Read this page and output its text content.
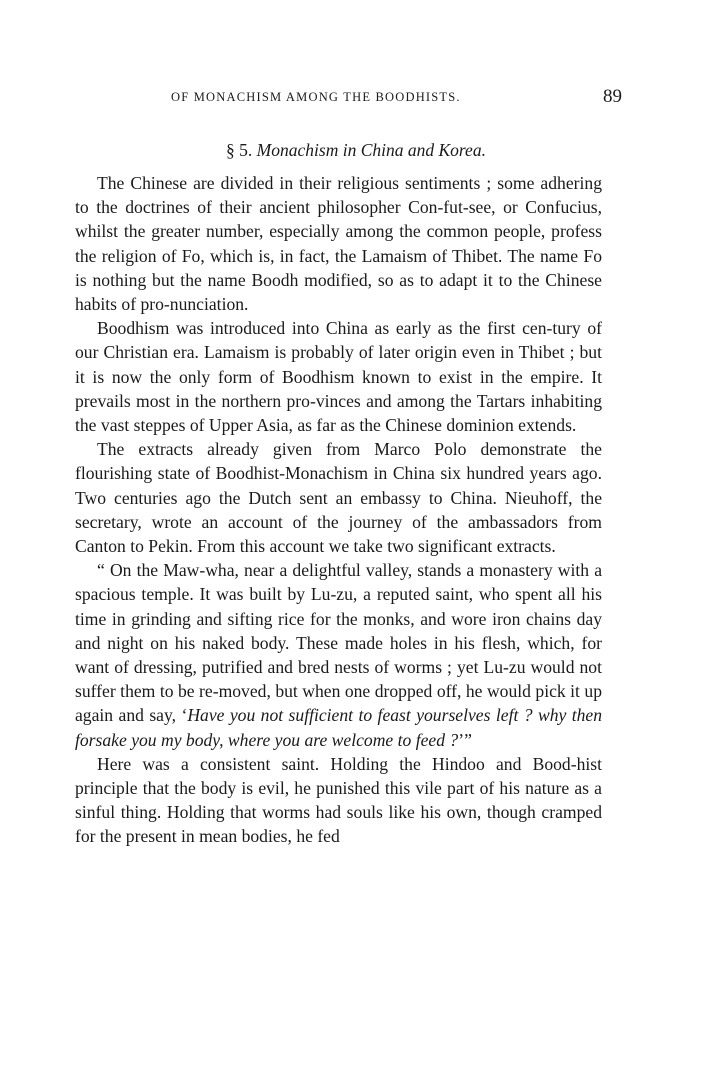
OF MONACHISM AMONG THE BOODHISTS.	89
§ 5. Monachism in China and Korea.

The Chinese are divided in their religious sentiments ; some adhering to the doctrines of their ancient philosopher Con-fut-see, or Confucius, whilst the greater number, especially among the common people, profess the religion of Fo, which is, in fact, the Lamaism of Thibet. The name Fo is nothing but the name Boodh modified, so as to adapt it to the Chinese habits of pro-nunciation.

Boodhism was introduced into China as early as the first cen-tury of our Christian era. Lamaism is probably of later origin even in Thibet ; but it is now the only form of Boodhism known to exist in the empire. It prevails most in the northern pro-vinces and among the Tartars inhabiting the vast steppes of Upper Asia, as far as the Chinese dominion extends.

The extracts already given from Marco Polo demonstrate the flourishing state of Boodhist-Monachism in China six hundred years ago. Two centuries ago the Dutch sent an embassy to China. Nieuhoff, the secretary, wrote an account of the journey of the ambassadors from Canton to Pekin. From this account we take two significant extracts.

“ On the Maw-wha, near a delightful valley, stands a monastery with a spacious temple. It was built by Lu-zu, a reputed saint, who spent all his time in grinding and sifting rice for the monks, and wore iron chains day and night on his naked body. These made holes in his flesh, which, for want of dressing, putrified and bred nests of worms ; yet Lu-zu would not suffer them to be re-moved, but when one dropped off, he would pick it up again and say, ‘Have you not sufficient to feast yourselves left ? why then forsake you my body, where you are welcome to feed ?’”

Here was a consistent saint. Holding the Hindoo and Bood-hist principle that the body is evil, he punished this vile part of his nature as a sinful thing. Holding that worms had souls like his own, though cramped for the present in mean bodies, he fed
